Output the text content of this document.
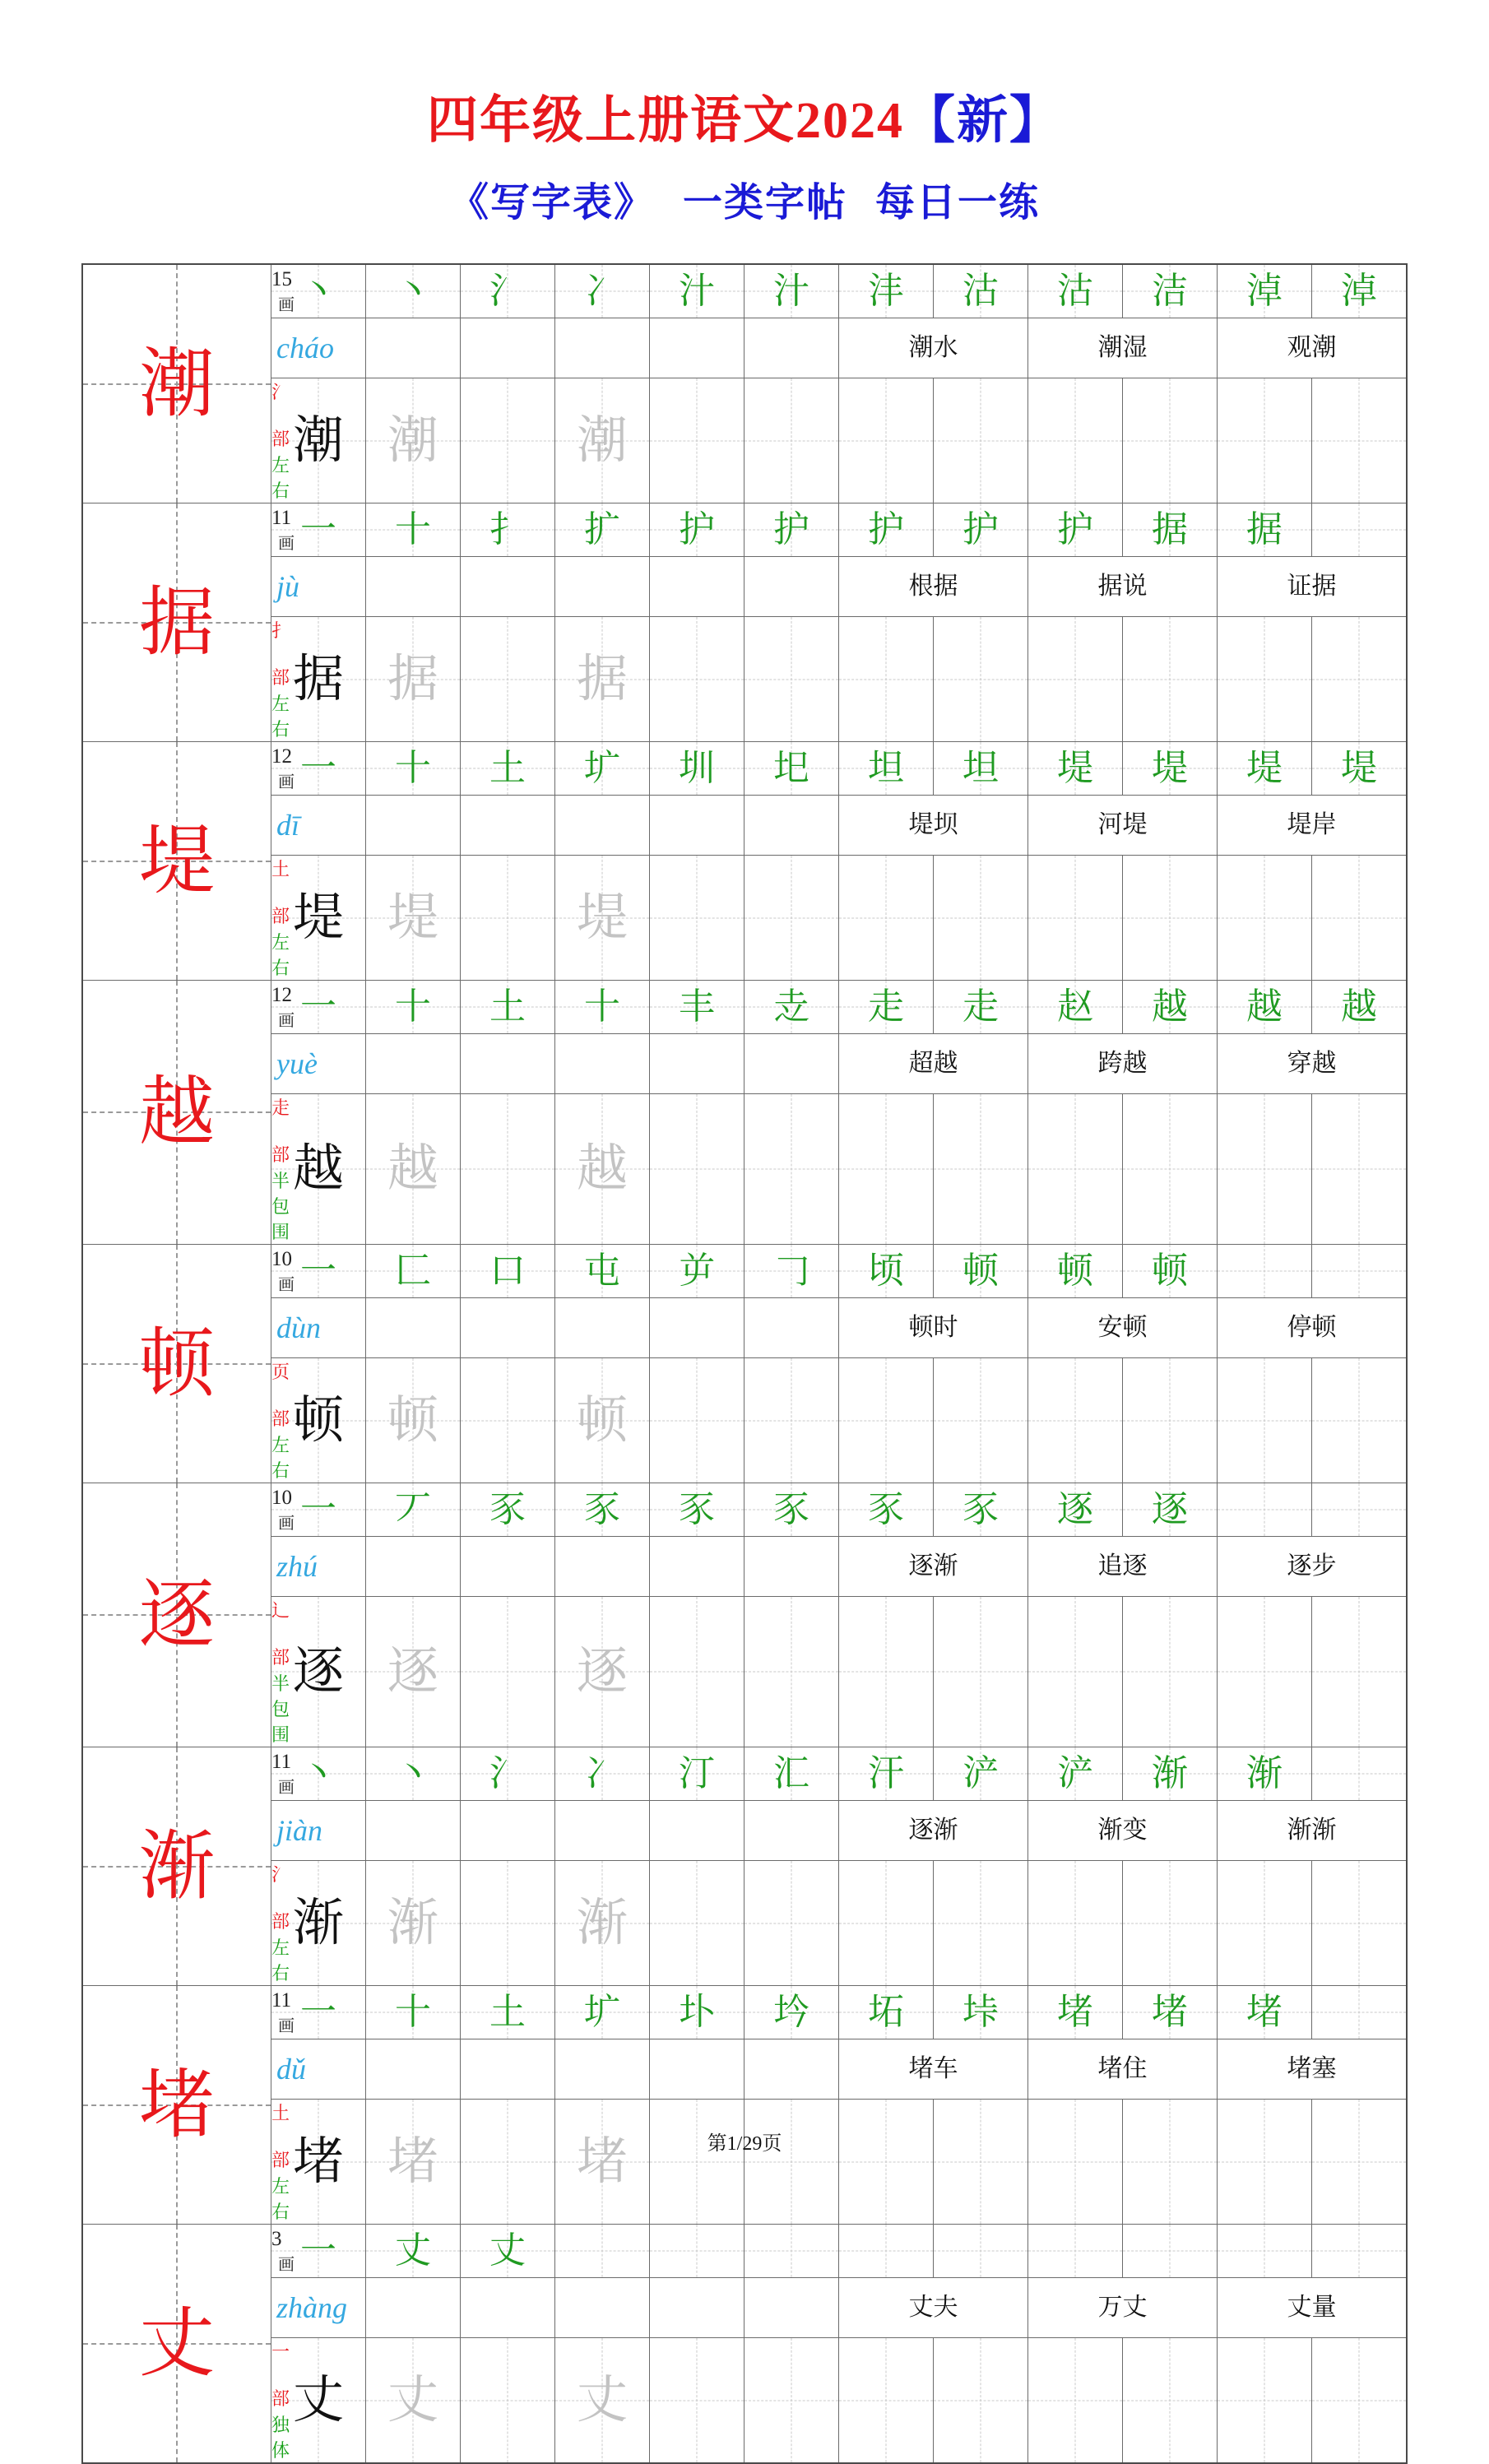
四年级上册语文2024【新】
《写字表》 一类字帖 每日一练
潮	15画	丶	丶	氵	冫	汁	汁	沣	沽	沽	洁	淖	淖

cháo							潮水		潮湿		观潮	
	氵部	潮	潮		潮								

	左右											

据	11画	一	十	扌	扩	护	护	护	护	护	据	据	

jù							根据		据说		证据	
	扌部	据	据		据								

	左右											

堤	12画	一	十	土	圹	圳	圯	坦	坦	堤	堤	堤	堤

dī							堤坝		河堤		堤岸	
	土部	堤	堤		堤								

	左右											

越	12画	一	十	土	十	丰	赱	走	走	赵	越	越	越

yuè							超越		跨越		穿越	
	走部	越	越		越								

	半包围											

顿	10画	一	匚	口	屯	屰	𠃌	顷	顿	顿	顿		

dùn							顿时		安顿		停顿	
	页部	顿	顿		顿								

	左右											

逐	10画	一	丆	豕	豕	豕	豕	豕	豕	逐	逐		

zhú							逐渐		追逐		逐步	
	辶部	逐	逐		逐								

	半包围											

渐	11画	丶	丶	氵	冫	汀	汇	汗	浐	浐	渐	渐	

jiàn							逐渐		渐变		渐渐	
	氵部	渐	渐		渐								

	左右											

堵	11画	一	十	土	圹	圤	坅	坧	垰	堵	堵	堵	

dǔ							堵车		堵住		堵塞	
	土部	堵	堵		堵								

	左右											

丈	3画	一	丈	丈									

zhàng							丈夫		万丈		丈量	
	一部	丈	丈		丈								

	独体											
第1/29页
